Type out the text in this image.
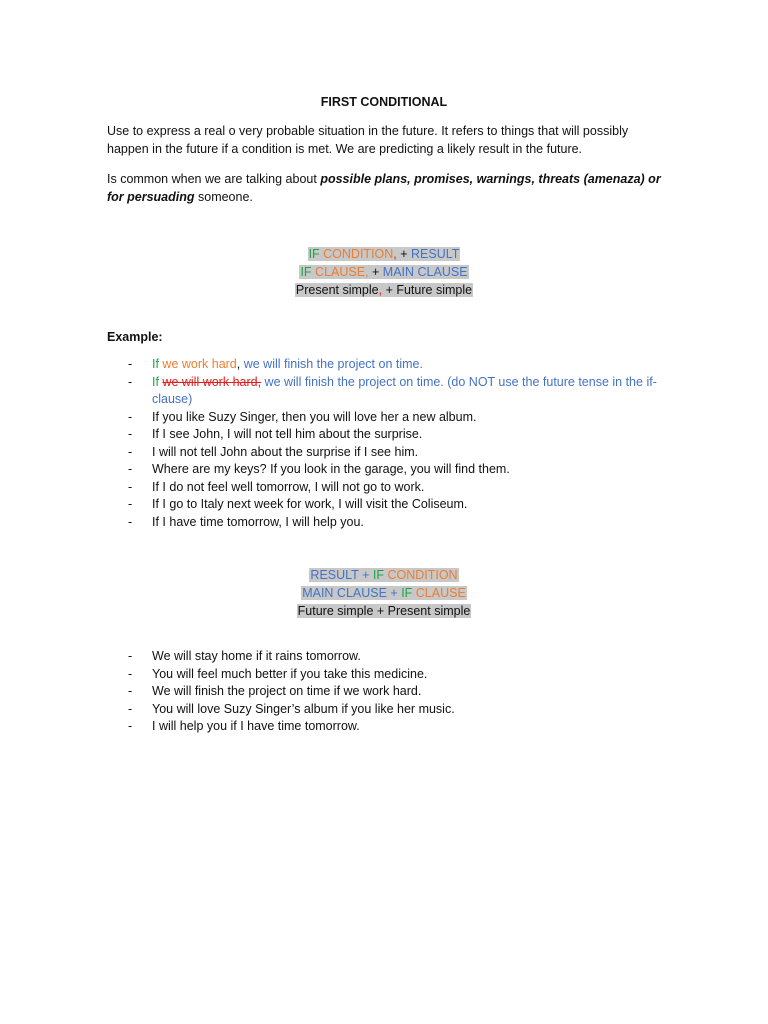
FIRST CONDITIONAL
Use to express a real o very probable situation in the future. It refers to things that will possibly happen in the future if a condition is met. We are predicting a likely result in the future.
Is common when we are talking about possible plans, promises, warnings, threats (amenaza) or for persuading someone.
IF CONDITION, + RESULT
IF CLAUSE, + MAIN CLAUSE
Present simple, + Future simple
Example:
- If we work hard, we will finish the project on time.
- If we will work hard, we will finish the project on time. (do NOT use the future tense in the if-clause)
- If you like Suzy Singer, then you will love her a new album.
- If I see John, I will not tell him about the surprise.
- I will not tell John about the surprise if I see him.
- Where are my keys? If you look in the garage, you will find them.
- If I do not feel well tomorrow, I will not go to work.
- If I go to Italy next week for work, I will visit the Coliseum.
- If I have time tomorrow, I will help you.
RESULT + IF CONDITION
MAIN CLAUSE + IF CLAUSE
Future simple + Present simple
- We will stay home if it rains tomorrow.
- You will feel much better if you take this medicine.
- We will finish the project on time if we work hard.
- You will love Suzy Singer’s album if you like her music.
- I will help you if I have time tomorrow.
